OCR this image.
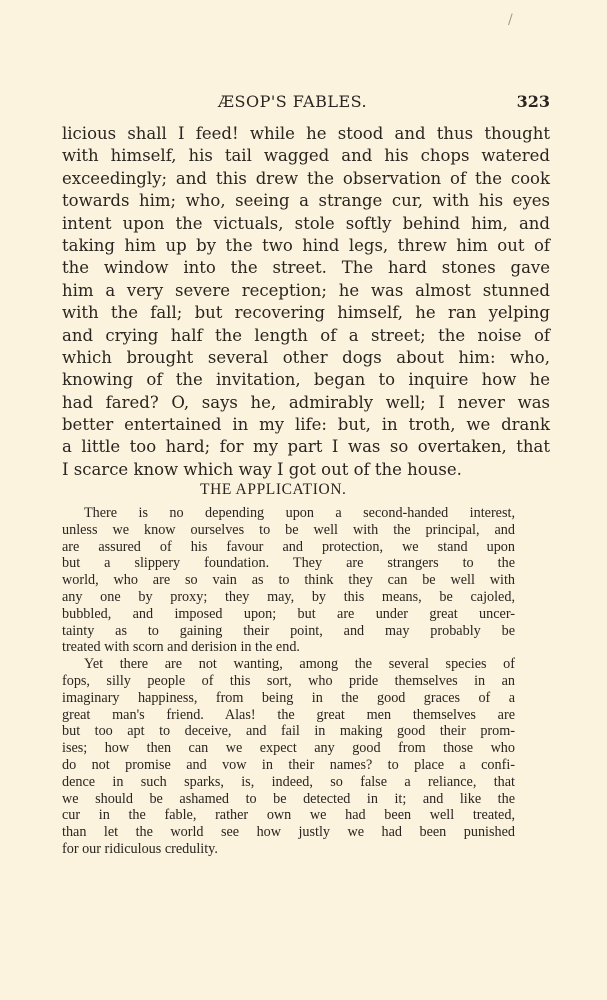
/
ÆSOP'S FABLES.	323
licious shall I feed! while he stood and thus thought
with himself, his tail wagged and his chops watered
exceedingly; and this drew the observation of the cook
towards him; who, seeing a strange cur, with his eyes
intent upon the victuals, stole softly behind him, and
taking him up by the two hind legs, threw him out of
the window into the street. The hard stones gave
him a very severe reception; he was almost stunned
with the fall; but recovering himself, he ran yelping
and crying half the length of a street; the noise of
which brought several other dogs about him: who,
knowing of the invitation, began to inquire how he
had fared? O, says he, admirably well; I never was
better entertained in my life: but, in troth, we drank
a little too hard; for my part I was so overtaken, that
I scarce know which way I got out of the house.
THE APPLICATION.
There is no depending upon a second-handed interest,
unless we know ourselves to be well with the principal, and
are assured of his favour and protection, we stand upon
but a slippery foundation. They are strangers to the
world, who are so vain as to think they can be well with
any one by proxy; they may, by this means, be cajoled,
bubbled, and imposed upon; but are under great uncer-
tainty as to gaining their point, and may probably be
treated with scorn and derision in the end.
Yet there are not wanting, among the several species of
fops, silly people of this sort, who pride themselves in an
imaginary happiness, from being in the good graces of a
great man's friend. Alas! the great men themselves are
but too apt to deceive, and fail in making good their prom-
ises; how then can we expect any good from those who
do not promise and vow in their names? to place a confi-
dence in such sparks, is, indeed, so false a reliance, that
we should be ashamed to be detected in it; and like the
cur in the fable, rather own we had been well treated,
than let the world see how justly we had been punished
for our ridiculous credulity.
